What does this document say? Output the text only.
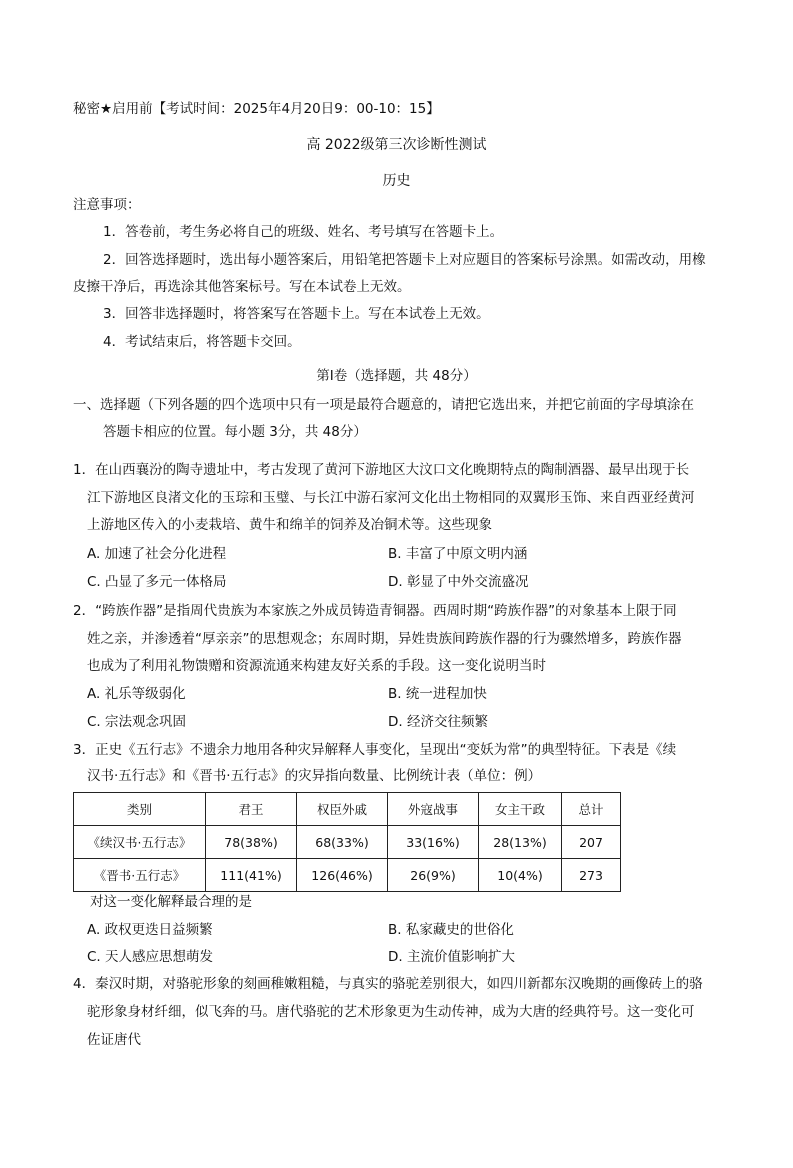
秘密★启用前【考试时间：2025年4月20日9：00-10：15】
高 2022级第三次诊断性测试
历史
注意事项：
1．答卷前，考生务必将自己的班级、姓名、考号填写在答题卡上。
2．回答选择题时，选出每小题答案后，用铅笔把答题卡上对应题目的答案标号涂黑。如需改动，用橡
皮擦干净后，再选涂其他答案标号。写在本试卷上无效。
3．回答非选择题时，将答案写在答题卡上。写在本试卷上无效。
4．考试结束后，将答题卡交回。
第Ⅰ卷（选择题，共 48分）
一、选择题（下列各题的四个选项中只有一项是最符合题意的，请把它选出来，并把它前面的字母填涂在
答题卡相应的位置。每小题 3分，共 48分）
1．在山西襄汾的陶寺遗址中，考古发现了黄河下游地区大汶口文化晚期特点的陶制酒器、最早出现于长
江下游地区良渚文化的玉琮和玉璧、与长江中游石家河文化出土物相同的双翼形玉饰、来自西亚经黄河
上游地区传入的小麦栽培、黄牛和绵羊的饲养及冶铜术等。这些现象
A. 加速了社会分化进程	B. 丰富了中原文明内涵
C. 凸显了多元一体格局	D. 彰显了中外交流盛况
2．“跨族作器”是指周代贵族为本家族之外成员铸造青铜器。西周时期“跨族作器”的对象基本上限于同
姓之亲，并渗透着“厚亲亲”的思想观念；东周时期，异姓贵族间跨族作器的行为骤然增多，跨族作器
也成为了利用礼物馈赠和资源流通来构建友好关系的手段。这一变化说明当时
A. 礼乐等级弱化	B. 统一进程加快
C. 宗法观念巩固	D. 经济交往频繁
3．正史《五行志》不遗余力地用各种灾异解释人事变化，呈现出“变妖为常”的典型特征。下表是《续
汉书·五行志》和《晋书·五行志》的灾异指向数量、比例统计表（单位：例）
类别	君王	权臣外戚	外寇战事	女主干政	总计
《续汉书·五行志》	78(38%)	68(33%)	33(16%)	28(13%)	207
《晋书·五行志》	111(41%)	126(46%)	26(9%)	10(4%)	273
对这一变化解释最合理的是
A. 政权更迭日益频繁	B. 私家藏史的世俗化
C. 天人感应思想萌发	D. 主流价值影响扩大
4．秦汉时期，对骆驼形象的刻画稚嫩粗糙，与真实的骆驼差别很大，如四川新都东汉晚期的画像砖上的骆
驼形象身材纤细，似飞奔的马。唐代骆驼的艺术形象更为生动传神，成为大唐的经典符号。这一变化可
佐证唐代
